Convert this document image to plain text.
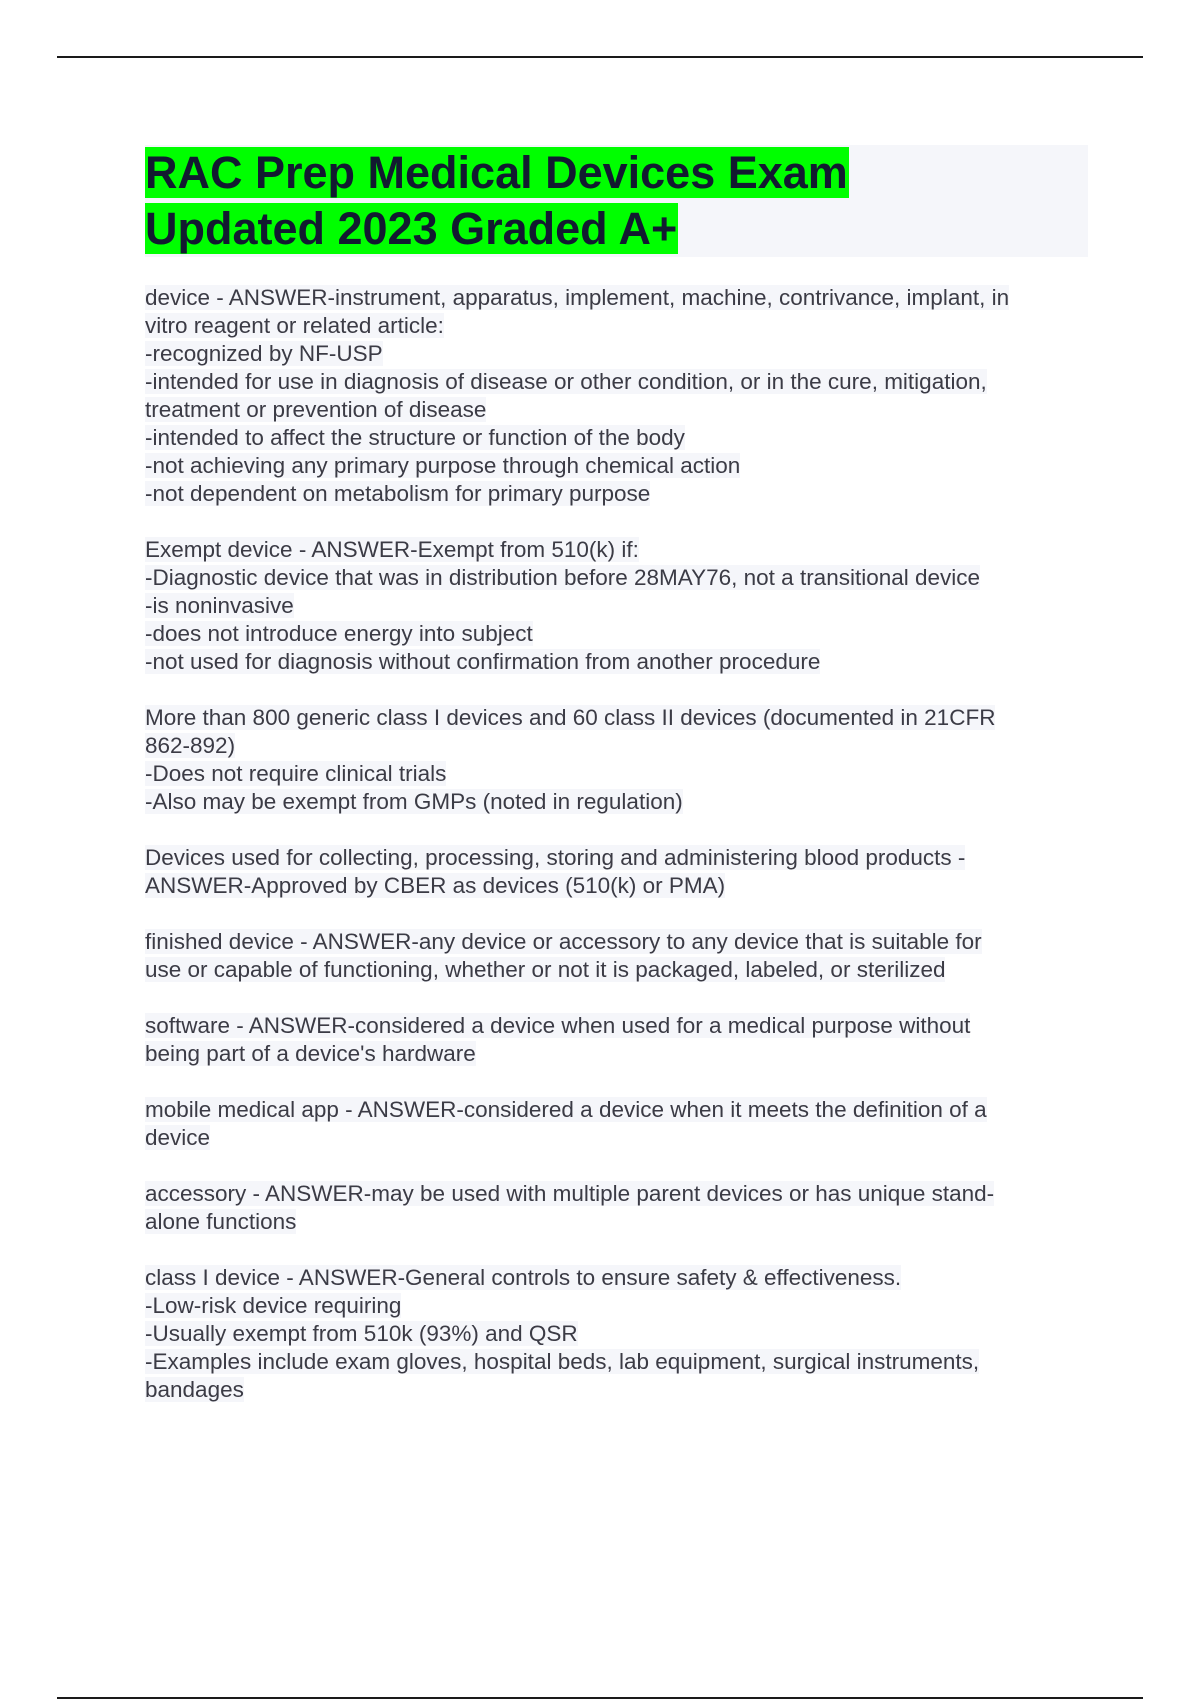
RAC Prep Medical Devices Exam
Updated 2023 Graded A+
device - ANSWER-instrument, apparatus, implement, machine, contrivance, implant, in
vitro reagent or related article:
-recognized by NF-USP
-intended for use in diagnosis of disease or other condition, or in the cure, mitigation,
treatment or prevention of disease
-intended to affect the structure or function of the body
-not achieving any primary purpose through chemical action
-not dependent on metabolism for primary purpose
Exempt device - ANSWER-Exempt from 510(k) if:
-Diagnostic device that was in distribution before 28MAY76, not a transitional device
-is noninvasive
-does not introduce energy into subject
-not used for diagnosis without confirmation from another procedure
More than 800 generic class I devices and 60 class II devices (documented in 21CFR
862-892)
-Does not require clinical trials
-Also may be exempt from GMPs (noted in regulation)
Devices used for collecting, processing, storing and administering blood products -
ANSWER-Approved by CBER as devices (510(k) or PMA)
finished device - ANSWER-any device or accessory to any device that is suitable for
use or capable of functioning, whether or not it is packaged, labeled, or sterilized
software - ANSWER-considered a device when used for a medical purpose without
being part of a device's hardware
mobile medical app - ANSWER-considered a device when it meets the definition of a
device
accessory - ANSWER-may be used with multiple parent devices or has unique stand-
alone functions
class I device - ANSWER-General controls to ensure safety & effectiveness.
-Low-risk device requiring
-Usually exempt from 510k (93%) and QSR
-Examples include exam gloves, hospital beds, lab equipment, surgical instruments,
bandages
